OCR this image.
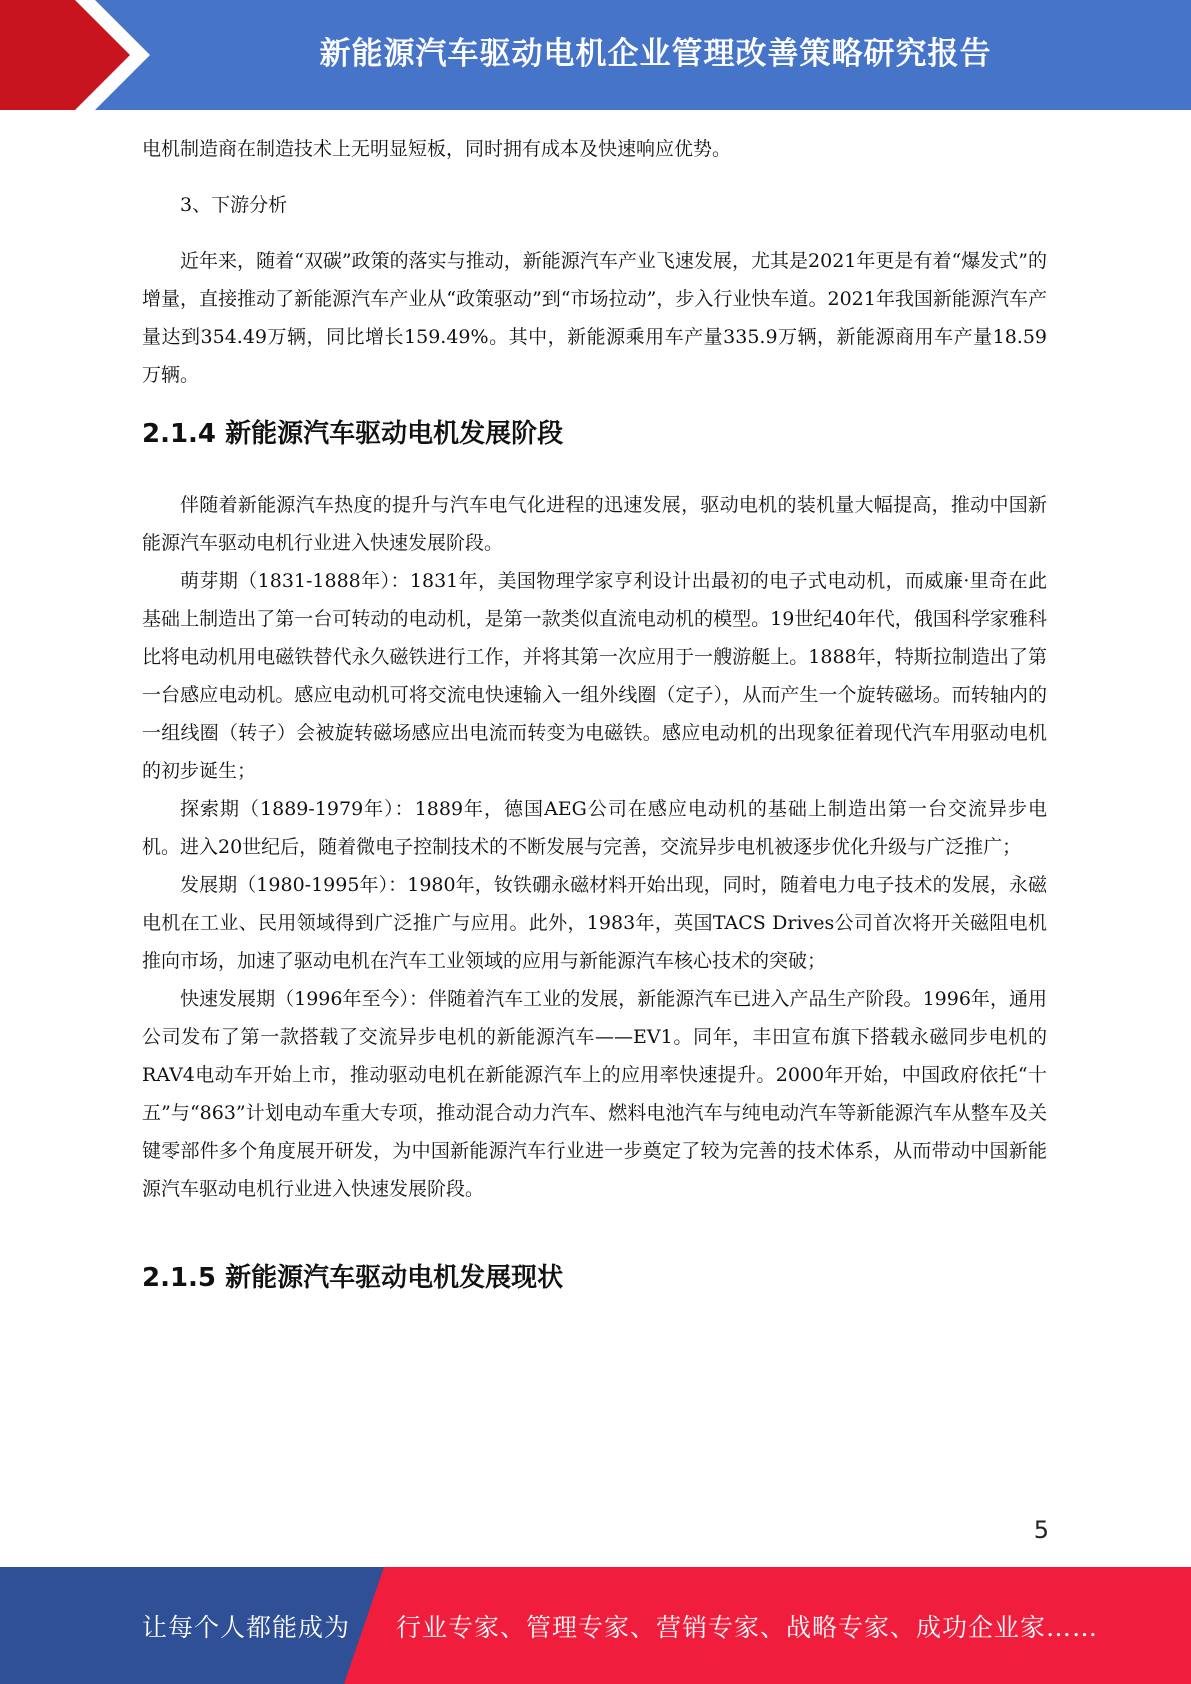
新能源汽车驱动电机企业管理改善策略研究报告

电机制造商在制造技术上无明显短板，同时拥有成本及快速响应优势。

3、下游分析

近年来，随着“双碳”政策的落实与推动，新能源汽车产业飞速发展，尤其是2021年更是有着“爆发式”的增量，直接推动了新能源汽车产业从“政策驱动”到“市场拉动”，步入行业快车道。2021年我国新能源汽车产量达到354.49万辆，同比增长159.49%。其中，新能源乘用车产量335.9万辆，新能源商用车产量18.59万辆。

2.1.4 新能源汽车驱动电机发展阶段

伴随着新能源汽车热度的提升与汽车电气化进程的迅速发展，驱动电机的装机量大幅提高，推动中国新能源汽车驱动电机行业进入快速发展阶段。

萌芽期（1831-1888年）：1831年，美国物理学家亨利设计出最初的电子式电动机，而威廉·里奇在此基础上制造出了第一台可转动的电动机，是第一款类似直流电动机的模型。19世纪40年代，俄国科学家雅科比将电动机用电磁铁替代永久磁铁进行工作，并将其第一次应用于一艘游艇上。1888年，特斯拉制造出了第一台感应电动机。感应电动机可将交流电快速输入一组外线圈（定子），从而产生一个旋转磁场。而转轴内的一组线圈（转子）会被旋转磁场感应出电流而转变为电磁铁。感应电动机的出现象征着现代汽车用驱动电机的初步诞生；

探索期（1889-1979年）：1889年，德国AEG公司在感应电动机的基础上制造出第一台交流异步电机。进入20世纪后，随着微电子控制技术的不断发展与完善，交流异步电机被逐步优化升级与广泛推广；

发展期（1980-1995年）：1980年，钕铁硼永磁材料开始出现，同时，随着电力电子技术的发展，永磁电机在工业、民用领域得到广泛推广与应用。此外，1983年，英国TACS Drives公司首次将开关磁阻电机推向市场，加速了驱动电机在汽车工业领域的应用与新能源汽车核心技术的突破；

快速发展期（1996年至今）：伴随着汽车工业的发展，新能源汽车已进入产品生产阶段。1996年，通用公司发布了第一款搭载了交流异步电机的新能源汽车——EV1。同年，丰田宣布旗下搭载永磁同步电机的RAV4电动车开始上市，推动驱动电机在新能源汽车上的应用率快速提升。2000年开始，中国政府依托“十五”与“863”计划电动车重大专项，推动混合动力汽车、燃料电池汽车与纯电动汽车等新能源汽车从整车及关键零部件多个角度展开研发，为中国新能源汽车行业进一步奠定了较为完善的技术体系，从而带动中国新能源汽车驱动电机行业进入快速发展阶段。

2.1.5 新能源汽车驱动电机发展现状
5
让每个人都能成为 行业专家、管理专家、营销专家、战略专家、成功企业家……
